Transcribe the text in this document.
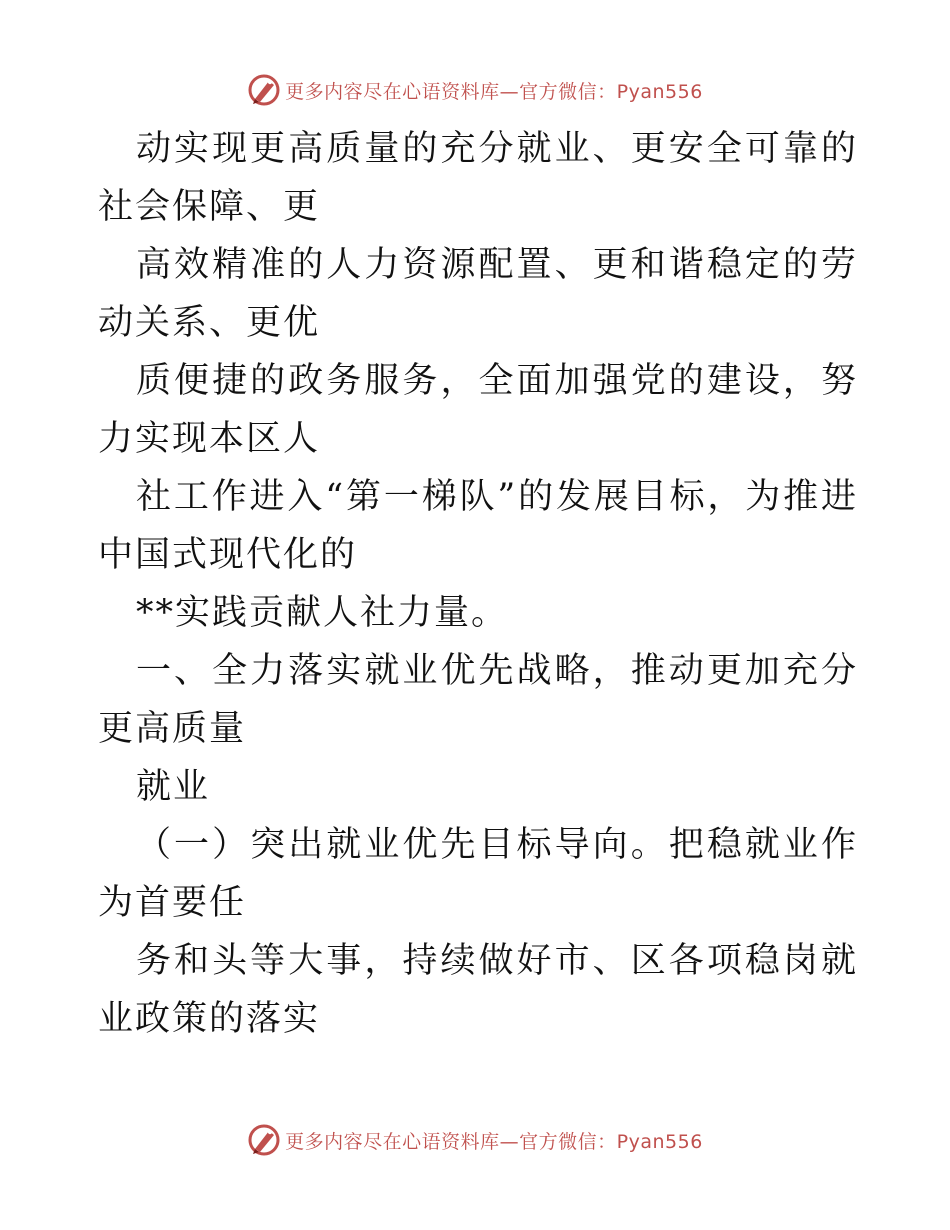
更多内容尽在心语资料库—官方微信：Pyan556

动实现更高质量的充分就业、更安全可靠的社会保障、更

高效精准的人力资源配置、更和谐稳定的劳动关系、更优

质便捷的政务服务，全面加强党的建设，努力实现本区人

社工作进入“第一梯队”的发展目标，为推进中国式现代化的

**实践贡献人社力量。

一、全力落实就业优先战略，推动更加充分更高质量

就业

（一）突出就业优先目标导向。把稳就业作为首要任

务和头等大事，持续做好市、区各项稳岗就业政策的落实

更多内容尽在心语资料库—官方微信：Pyan556
